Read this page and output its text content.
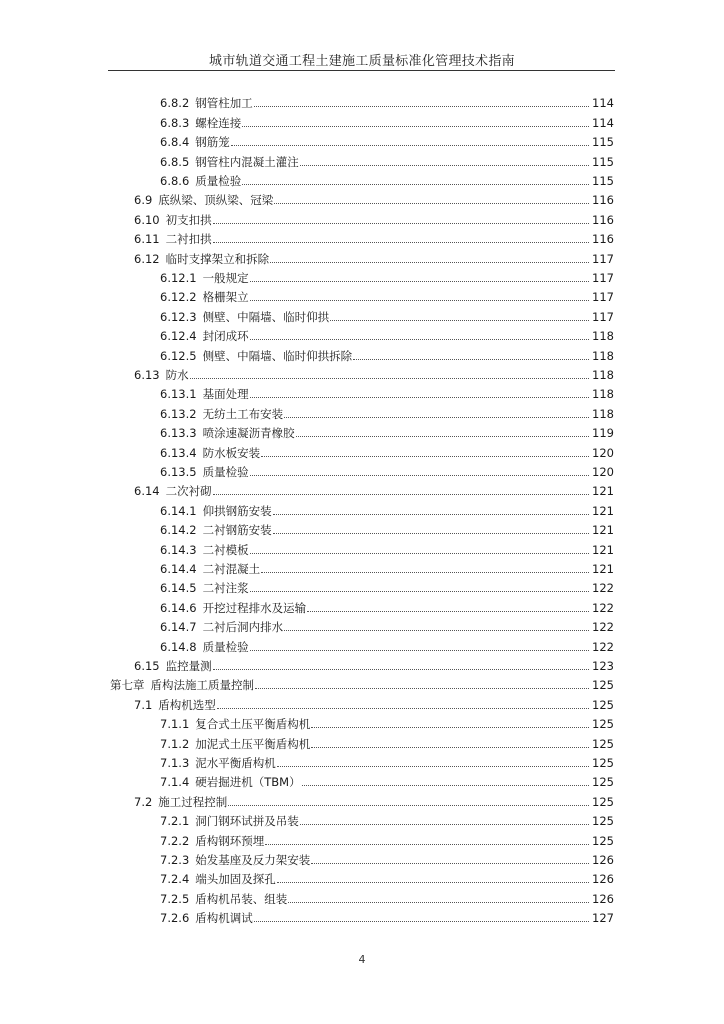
城市轨道交通工程土建施工质量标准化管理技术指南
6.8.2 钢管柱加工	114
6.8.3 螺栓连接	114
6.8.4 钢筋笼	115
6.8.5 钢管柱内混凝土灌注	115
6.8.6 质量检验	115
6.9 底纵梁、顶纵梁、冠梁	116
6.10 初支扣拱	116
6.11 二衬扣拱	116
6.12 临时支撑架立和拆除	117
6.12.1 一般规定	117
6.12.2 格栅架立	117
6.12.3 侧壁、中隔墙、临时仰拱	117
6.12.4 封闭成环	118
6.12.5 侧壁、中隔墙、临时仰拱拆除	118
6.13 防水	118
6.13.1 基面处理	118
6.13.2 无纺土工布安装	118
6.13.3 喷涂速凝沥青橡胶	119
6.13.4 防水板安装	120
6.13.5 质量检验	120
6.14 二次衬砌	121
6.14.1 仰拱钢筋安装	121
6.14.2 二衬钢筋安装	121
6.14.3 二衬模板	121
6.14.4 二衬混凝土	121
6.14.5 二衬注浆	122
6.14.6 开挖过程排水及运输	122
6.14.7 二衬后洞内排水	122
6.14.8 质量检验	122
6.15 监控量测	123
第七章 盾构法施工质量控制	125
7.1 盾构机选型	125
7.1.1 复合式土压平衡盾构机	125
7.1.2 加泥式土压平衡盾构机	125
7.1.3 泥水平衡盾构机	125
7.1.4 硬岩掘进机（TBM）	125
7.2 施工过程控制	125
7.2.1 洞门钢环试拼及吊装	125
7.2.2 盾构钢环预埋	125
7.2.3 始发基座及反力架安装	126
7.2.4 端头加固及探孔	126
7.2.5 盾构机吊装、组装	126
7.2.6 盾构机调试	127
4
